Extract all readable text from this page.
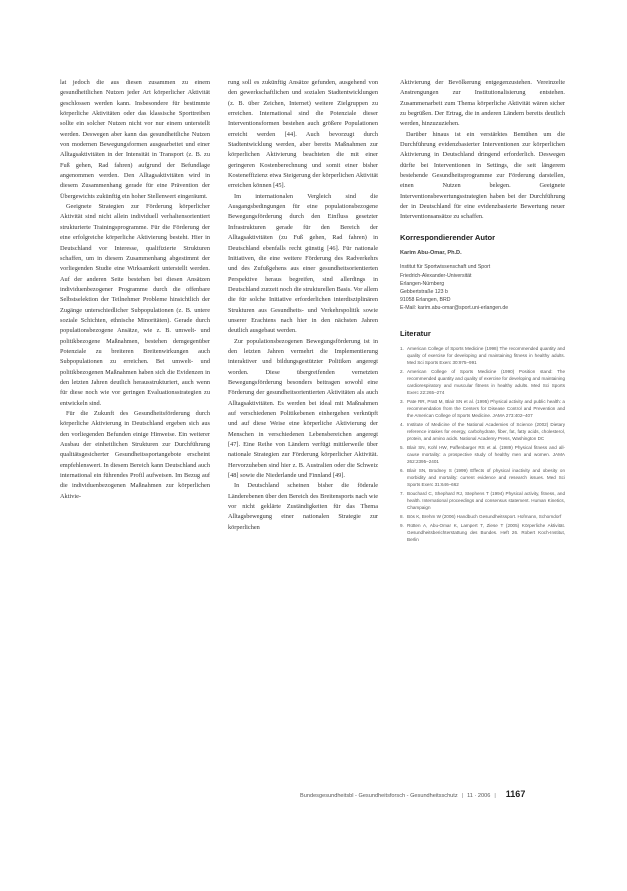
lat jedoch die aus diesen zusammen zu einem gesundheitlichen Nutzen jeder Art körperlicher Aktivität geschlossen werden kann. Insbesondere für bestimmte körperliche Aktivitäten oder das klassische Sporttreiben sollte ein solcher Nutzen nicht vor nur einem unterstellt werden. Deswegen aber kann das gesundheitliche Nutzen von modernen Bewegungsformen ausgearbeitet und einer Alltagsaktivitäten in der Intensität in Transport (z. B. zu Fuß gehen, Rad fahren) aufgrund der Befundlage angenommen werden. Den Alltagsaktivitäten wird in diesem Zusammenhang gerade für eine Prävention der Übergewichts zukünftig ein hoher Stellenwert eingeräumt.

Geeignete Strategien zur Förderung körperlicher Aktivität sind nicht allein individuell verhaltensorientiert strukturierte Trainingsprogramme. Für die Förderung der eine erfolgreiche körperliche Aktivierung besteht. Hier in Deutschland vor Interesse, qualifizierte Strukturen schaffen, um in diesem Zusammenhang abgestimmt der vorliegenden Studie eine Wirksamkeit unterstellt werden. Auf der anderen Seite bestehen bei diesen Ansätzen individuenbezogener Programme durch die offenbare Selbstselektion der Teilnehmer Probleme hinsichtlich der Zugänge unterschiedlicher Subpopulationen (z. B. untere soziale Schichten, ethnische Minoritäten). Gerade durch populationsbezogene Ansätze, wie z. B. umwelt- und politikbezogene Maßnahmen, bestehen demgegenüber Potenziale zu breiteren Breitenwirkungen auch Subpopulationen zu erreichen. Bei umwelt- und politikbezogenen Maßnahmen haben sich die Evidenzen in den letzten Jahren deutlich herausstrukturiert, auch wenn für diese noch wie vor geringen Evaluationsstrategien zu entwickeln sind.

Für die Zukunft des Gesundheitsförderung durch körperliche Aktivierung in Deutschland ergeben sich aus den vorliegenden Befunden einige Hinweise. Ein weiterer Ausbau der einheitlichen Strukturen zur Durchführung qualitätsgesicherter Gesundheitssportangebote erscheint empfehlenswert. In diesem Bereich kann Deutschland auch international ein führendes Profil aufweisen. Im Bezug auf die individuenbezogenen Maßnahmen zur körperlichen Aktivie-

rung soll es zukünftig Ansätze gefunden, ausgehend von den gewerkschaftlichen und sozialen Stadtentwicklungen (z. B. über Zeichen, Internet) weitere Zielgruppen zu erreichen. International sind die Potenziale dieser Interventionsformen bestehen auch größere Populationen erreicht werden [44]. Auch bevorzugt durch Stadtentwicklung werden, aber bereits Maßnahmen zur körperlichen Aktivierung beachteten die mit einer geringeren Kostenberechnung und somit einer bisher Kosteneffizienz etwa Steigerung der körperlichen Aktivität erreichen können [45].

Im internationalen Vergleich sind die Ausgangsbedingungen für eine populationsbezogene Bewegungsförderung durch den Einfluss gesetzter Infrastrukturen gerade für den Bereich der Alltagsaktivitäten (zu Fuß gehen, Rad fahren) in Deutschland ebenfalls recht günstig [46]. Für nationale Initiativen, die eine weitere Förderung des Radverkehrs und des Zufußgehens aus einer gesundheitsorientierten Perspektive heraus begreifen, sind allerdings in Deutschland zurzeit noch die strukturellen Basis. Vor allem die für solche Initiative erforderlichen interdisziplinären Strukturen aus Gesundheits- und Verkehrspolitik sowie unserer Erachtens nach hier in den nächsten Jahren deutlich ausgebaut werden.

Zur populationsbezogenen Bewegungsförderung ist in den letzten Jahren vermehrt die Implementierung interaktiver und bildungsgestützter Politiken angeregt worden. Diese übergreifenden vernetzten Bewegungsförderung besonders beitragen sowohl eine Förderung der gesundheitsorientierten Aktivitäten als auch Alltagsaktivitäten. Es werden bei ideal mit Maßnahmen auf verschiedenen Politikebenen einhergehen verknüpft und auf diese Weise eine körperliche Aktivierung der Menschen in verschiedenen Lebensbereichen angeregt [47]. Eine Reihe von Ländern verfügt mittlerweile über nationale Strategien zur Förderung körperlicher Aktivität. Hervorzuheben sind hier z. B. Australien oder die Schweiz [48] sowie die Niederlande und Finnland [49].

In Deutschland scheinen bisher die föderale Länderebenen über den Bereich des Breitensports nach wie vor nicht geklärte Zuständigkeiten für das Thema Alltagsbewegung einer nationalen Strategie zur körperlichen

Aktivierung der Bevölkerung entgegenzustehen. Vereinzelte Anstrengungen zur Institutionalisierung entstehen. Zusammenarbeit zum Thema körperliche Aktivität wären sicher zu begrüßen. Der Ertrag, die in anderen Ländern bereits deutlich werden, hinzuzuziehen.

Darüber hinaus ist ein verstärktes Bemühen um die Durchführung evidenzbasierter Interventionen zur körperlichen Aktivierung in Deutschland dringend erforderlich. Deswegen dürfte bei Interventionen in Settings, die seit längerem bestehende Gesundheitsprogramme zur Förderung darstellen, einen Nutzen belegen. Geeignete Interventionsbewertungsstrategien haben bei der Durchführung der in Deutschland für eine evidenzbasierte Bewertung neuer Interventionsansätze zu schaffen.

Korrespondierender Autor
Karim Abu-Omar, Ph.D.
Institut für Sportwissenschaft und Sport
Friedrich-Alexander-Universität
Erlangen-Nürnberg
Gebbertstraße 123 b
91058 Erlangen, BRD
E-Mail: karim.abu-omar@sport.uni-erlangen.de
Literatur
1. American College of Sports Medicine (1998) The recommended quantity and quality of exercise for developing and maintaining fitness in healthy adults. Med Sci Sports Exerc 30:975–991
2. American College of Sports Medicine (1990) Position stand: The recommended quantity and quality of exercise for developing and maintaining cardiorespiratory and muscular fitness in healthy adults. Med Sci Sports Exerc 22:265–274
3. Pate RR, Pratt M, Blair SN et al. (1995) Physical activity and public health: a recommendation from the Centers for Disease Control and Prevention and the American College of Sports Medicine. JAMA 273:402–407
4. Institute of Medicine of the National Academies of Science (2002) Dietary reference intakes for energy, carbohydrate, fiber, fat, fatty acids, cholesterol, protein, and amino acids. National Academy Press, Washington DC
5. Blair SN, Kohl HW, Paffenbarger RS et al. (1989) Physical fitness and all-cause mortality: a prospective study of healthy men and women. JAMA 262:2395–2401
6. Blair SN, Brodney S (1999) Effects of physical inactivity and obesity on morbidity and mortality: current evidence and research issues. Med Sci Sports Exerc 31:646–662
7. Bouchard C, Shephard RJ, Stephens T (1994) Physical activity, fitness, and health. International proceedings and consensus statement. Human Kinetics, Champaign
8. Bös K, Brehm W (2006) Handbuch Gesundheitssport. Hofmann, Schorndorf
9. Rütten A, Abu-Omar K, Lampert T, Ziese T (2005) Körperliche Aktivität. Gesundheitsberichterstattung des Bundes. Heft 26. Robert Koch-Institut, Berlin
Bundesgesundheitsbl - Gesundheitsforsch - Gesundheitsschutz | 11 · 2006 | 1167
